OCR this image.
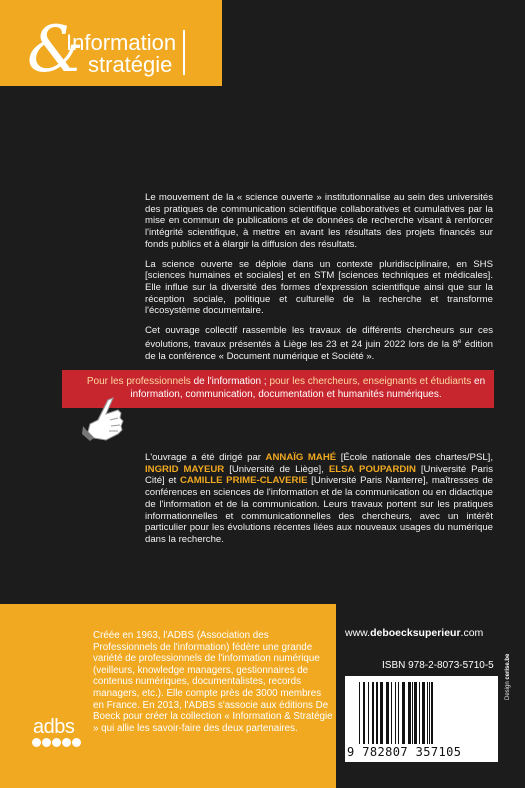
&
Information
stratégie

Le mouvement de la « science ouverte » institutionnalise au sein des universités des pratiques de communication scientifique collaboratives et cumulatives par la mise en commun de publications et de données de recherche visant à renforcer l'intégrité scientifique, à mettre en avant les résultats des projets financés sur fonds publics et à élargir la diffusion des résultats.

La science ouverte se déploie dans un contexte pluridisciplinaire, en SHS [sciences humaines et sociales] et en STM [sciences techniques et médicales]. Elle influe sur la diversité des formes d'expression scientifique ainsi que sur la réception sociale, politique et culturelle de la recherche et transforme l'écosystème documentaire.

Cet ouvrage collectif rassemble les travaux de différents chercheurs sur ces évolutions, travaux présentés à Liège les 23 et 24 juin 2022 lors de la 8e édition de la conférence « Document numérique et Société ».

Pour les professionnels de l'information ; pour les chercheurs, enseignants et étudiants en information, communication, documentation et humanités numériques.
L'ouvrage a été dirigé par ANNAÏG MAHÉ [École nationale des chartes/PSL], INGRID MAYEUR [Université de Liège], ELSA POUPARDIN [Université Paris Cité] et CAMILLE PRIME-CLAVERIE [Université Paris Nanterre], maîtresses de conférences en sciences de l'information et de la communication ou en didactique de l'information et de la communication. Leurs travaux portent sur les pratiques informationnelles et communicationnelles des chercheurs, avec un intérêt particulier pour les évolutions récentes liées aux nouveaux usages du numérique dans la recherche.
Créée en 1963, l'ADBS (Association des Professionnels de l'information) fédère une grande variété de professionnels de l'information numérique (veilleurs, knowledge managers, gestionnaires de contenus numériques, documentalistes, records managers, etc.). Elle compte près de 3000 membres en France. En 2013, l'ADBS s'associe aux éditions De Boeck pour créer la collection « Information & Stratégie » qui allie les savoir-faire des deux partenaires.
adbs
www.deboecksuperieur.com
ISBN 978-2-8073-5710-5
9 782807 357105
Design cerise.be
